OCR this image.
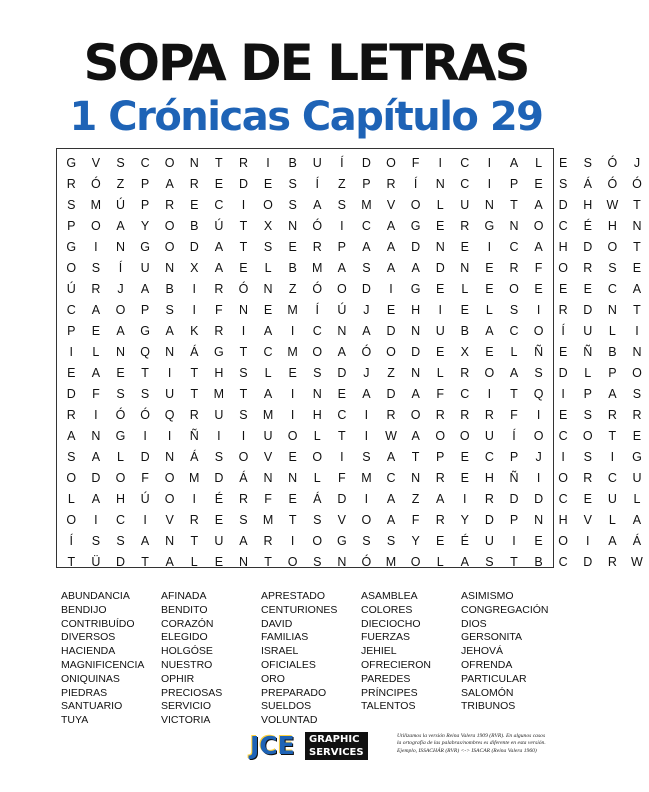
SOPA DE LETRAS
1 Crónicas Capítulo 29
G	V	S	C	O	N	T	R	I	B	U	Í	D	O	F	I	C	I	A	L	E	S	Ó	J
R	Ó	Z	P	A	R	E	D	E	S	Í	Z	P	R	Í	N	C	I	P	E	S	Á	Ó	Ó
S	M	Ú	P	R	E	C	I	O	S	A	S	M	V	O	L	U	N	T	A	D	H	W	T
P	O	A	Y	O	B	Ú	T	X	N	Ó	I	C	A	G	E	R	G	N	O	C	É	H	N
G	I	N	G	O	D	A	T	S	E	R	P	A	A	D	N	E	I	C	A	H	D	O	T
O	S	Í	U	N	X	A	E	L	B	M	A	S	A	A	D	N	E	R	F	O	R	S	E
Ú	R	J	A	B	I	R	Ó	N	Z	Ó	O	D	I	G	E	L	E	O	E	E	E	C	A
C	A	O	P	S	I	F	N	E	M	Í	Ú	J	E	H	I	E	L	S	I	R	D	N	T
P	E	A	G	A	K	R	I	A	I	C	N	A	D	N	U	B	A	C	O	Í	U	L	I
I	L	N	Q	N	Á	G	T	C	M	O	A	Ó	O	D	E	X	E	L	Ñ	E	Ñ	B	N
E	A	E	T	I	T	H	S	L	E	S	D	J	Z	N	L	R	O	A	S	D	L	P	O
D	F	S	S	U	T	M	T	A	I	N	E	A	D	A	F	C	I	T	Q	I	P	A	S
R	I	Ó	Ó	Q	R	U	S	M	I	H	C	I	R	O	R	R	R	F	I	E	S	R	R
A	N	G	I	I	Ñ	I	I	U	O	L	T	I	W	A	O	O	U	Í	O	C	O	T	E
S	A	L	D	N	Á	S	O	V	E	O	I	S	A	T	P	E	C	P	J	I	S	I	G
O	D	O	F	O	M	D	Á	N	N	L	F	M	C	N	R	E	H	Ñ	I	O	R	C	U
L	A	H	Ú	O	I	É	R	F	E	Á	D	I	A	Z	A	I	R	D	D	C	E	U	L
O	I	C	I	V	R	E	S	M	T	S	V	O	A	F	R	Y	D	P	N	H	V	L	A
Í	S	S	A	N	T	U	A	R	I	O	G	S	S	Y	E	É	U	I	E	O	I	A	Á
T	Ü	D	T	A	L	E	N	T	O	S	N	Ó	M	O	L	A	S	T	B	C	D	R	W
ABUNDANCIA
BENDIJO
CONTRIBUÍDO
DIVERSOS
HACIENDA
MAGNIFICENCIA
ONIQUINAS
PIEDRAS
SANTUARIO
TUYA
AFINADA
BENDITO
CORAZÓN
ELEGIDO
HOLGÓSE
NUESTRO
OPHIR
PRECIOSAS
SERVICIO
VICTORIA
APRESTADO
CENTURIONES
DAVID
FAMILIAS
ISRAEL
OFICIALES
ORO
PREPARADO
SUELDOS
VOLUNTAD
ASAMBLEA
COLORES
DIECIOCHO
FUERZAS
JEHIEL
OFRECIERON
PAREDES
PRÍNCIPES
TALENTOS
ASIMISMO
CONGREGACIÓN
DIOS
GERSONITA
JEHOVÁ
OFRENDA
PARTICULAR
SALOMÓN
TRIBUNOS
JCE GRAPHIC
SERVICES

Utilizamos la versión Reina Valera 1909 (RVR). En algunos casos

la ortografía de las palabras/nombres es diferente en esta versión.

Ejemplo, ISSACHÁR (RVR) <-> ISACAR (Reina Valera 1960)
